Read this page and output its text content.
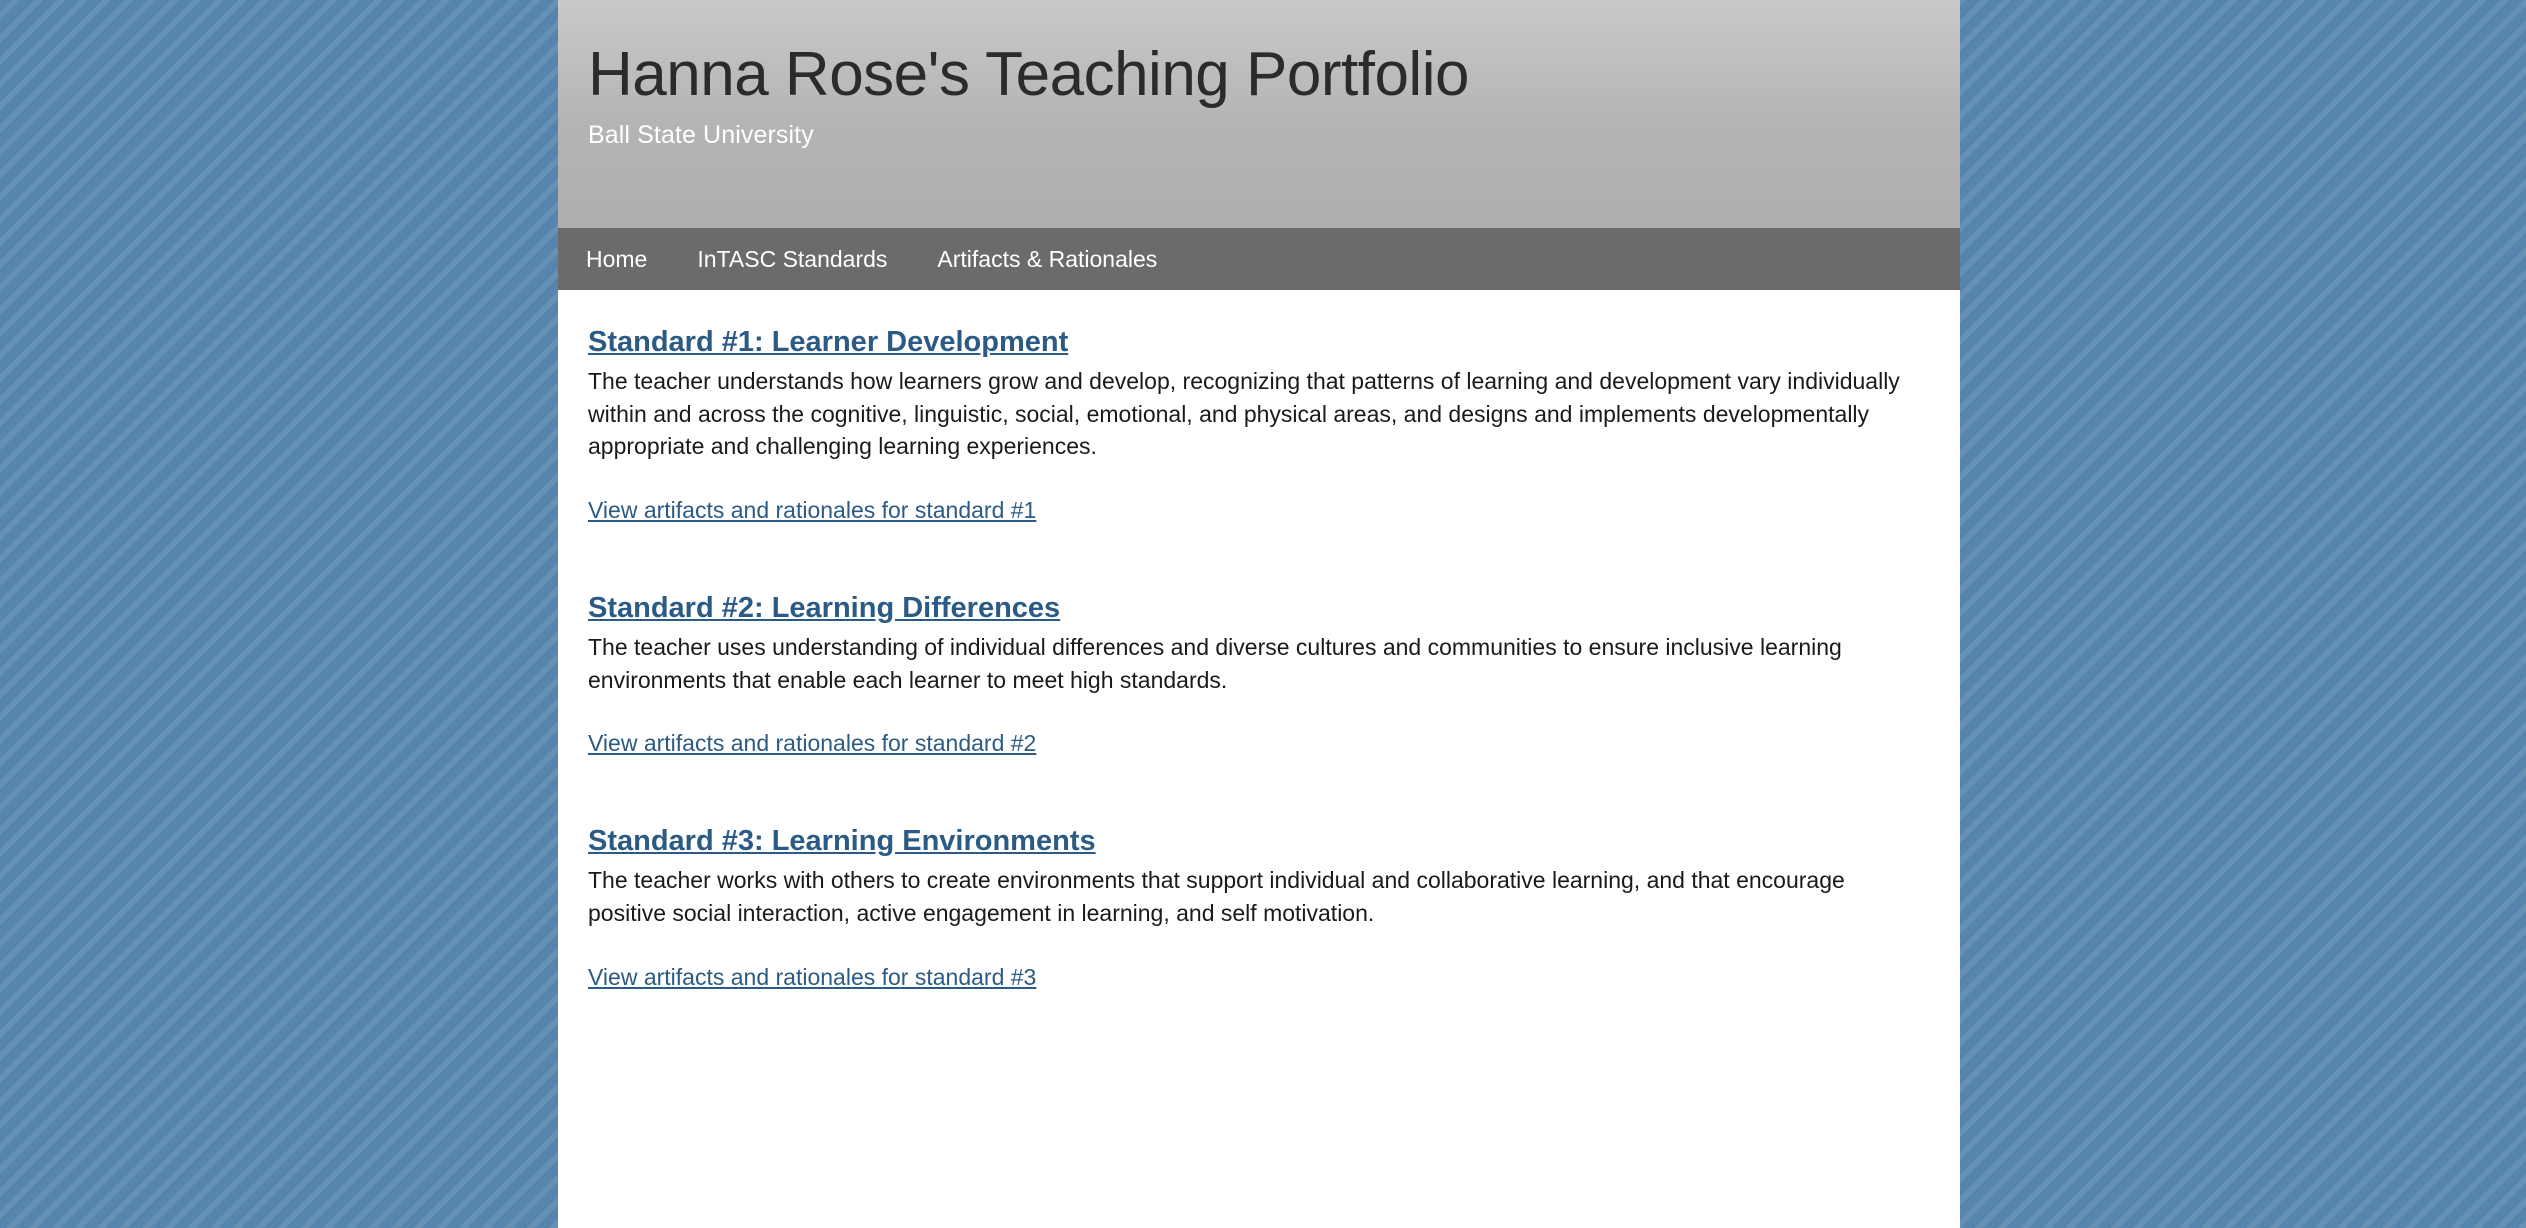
Hanna Rose's Teaching Portfolio
Ball State University
Home InTASC Standards Artifacts & Rationales
Standard #1: Learner Development

The teacher understands how learners grow and develop, recognizing that patterns of learning and development vary individually within and across the cognitive, linguistic, social, emotional, and physical areas, and designs and implements developmentally appropriate and challenging learning experiences.

View artifacts and rationales for standard #1
Standard #2: Learning Differences

The teacher uses understanding of individual differences and diverse cultures and communities to ensure inclusive learning environments that enable each learner to meet high standards.

View artifacts and rationales for standard #2
Standard #3: Learning Environments

The teacher works with others to create environments that support individual and collaborative learning, and that encourage positive social interaction, active engagement in learning, and self motivation.

View artifacts and rationales for standard #3
